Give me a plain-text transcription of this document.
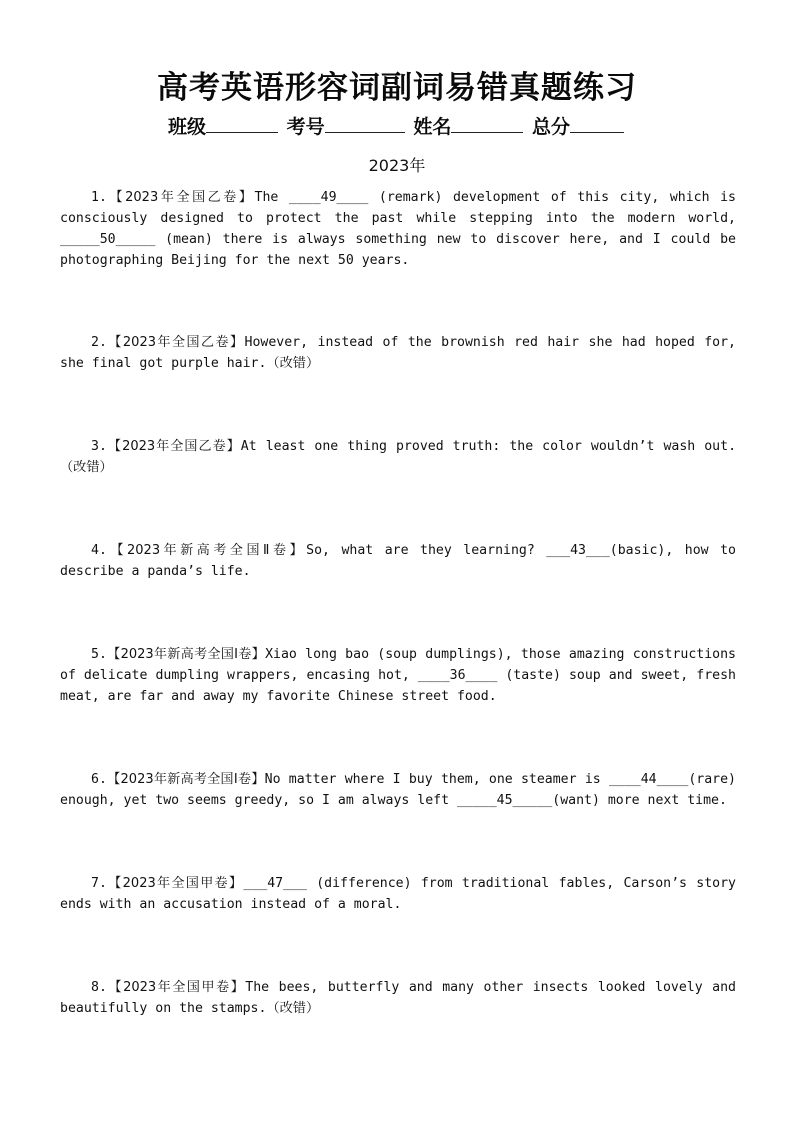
高考英语形容词副词易错真题练习
班级	考号	姓名	总分
2023年
1.【2023年全国乙卷】The ____49____ (remark) development of this city, which is consciously designed to protect the past while stepping into the modern world, _____50_____ (mean) there is always something new to discover here, and I could be photographing Beijing for the next 50 years.
2.【2023年全国乙卷】However, instead of the brownish red hair she had hoped for, she final got purple hair.（改错）
3.【2023年全国乙卷】At least one thing proved truth: the color wouldn’t wash out.（改错）
4.【2023年新高考全国Ⅱ卷】So, what are they learning? ___43___(basic), how to describe a panda’s life.
5.【2023年新高考全国Ⅰ卷】Xiao long bao (soup dumplings), those amazing constructions of delicate dumpling wrappers, encasing hot, ____36____ (taste) soup and sweet, fresh meat, are far and away my favorite Chinese street food.
6.【2023年新高考全国Ⅰ卷】No matter where I buy them, one steamer is ____44____(rare) enough, yet two seems greedy, so I am always left _____45_____(want) more next time.
7.【2023年全国甲卷】___47___ (difference) from traditional fables, Carson’s story ends with an accusation instead of a moral.
8.【2023年全国甲卷】The bees, butterfly and many other insects looked lovely and beautifully on the stamps.（改错）
